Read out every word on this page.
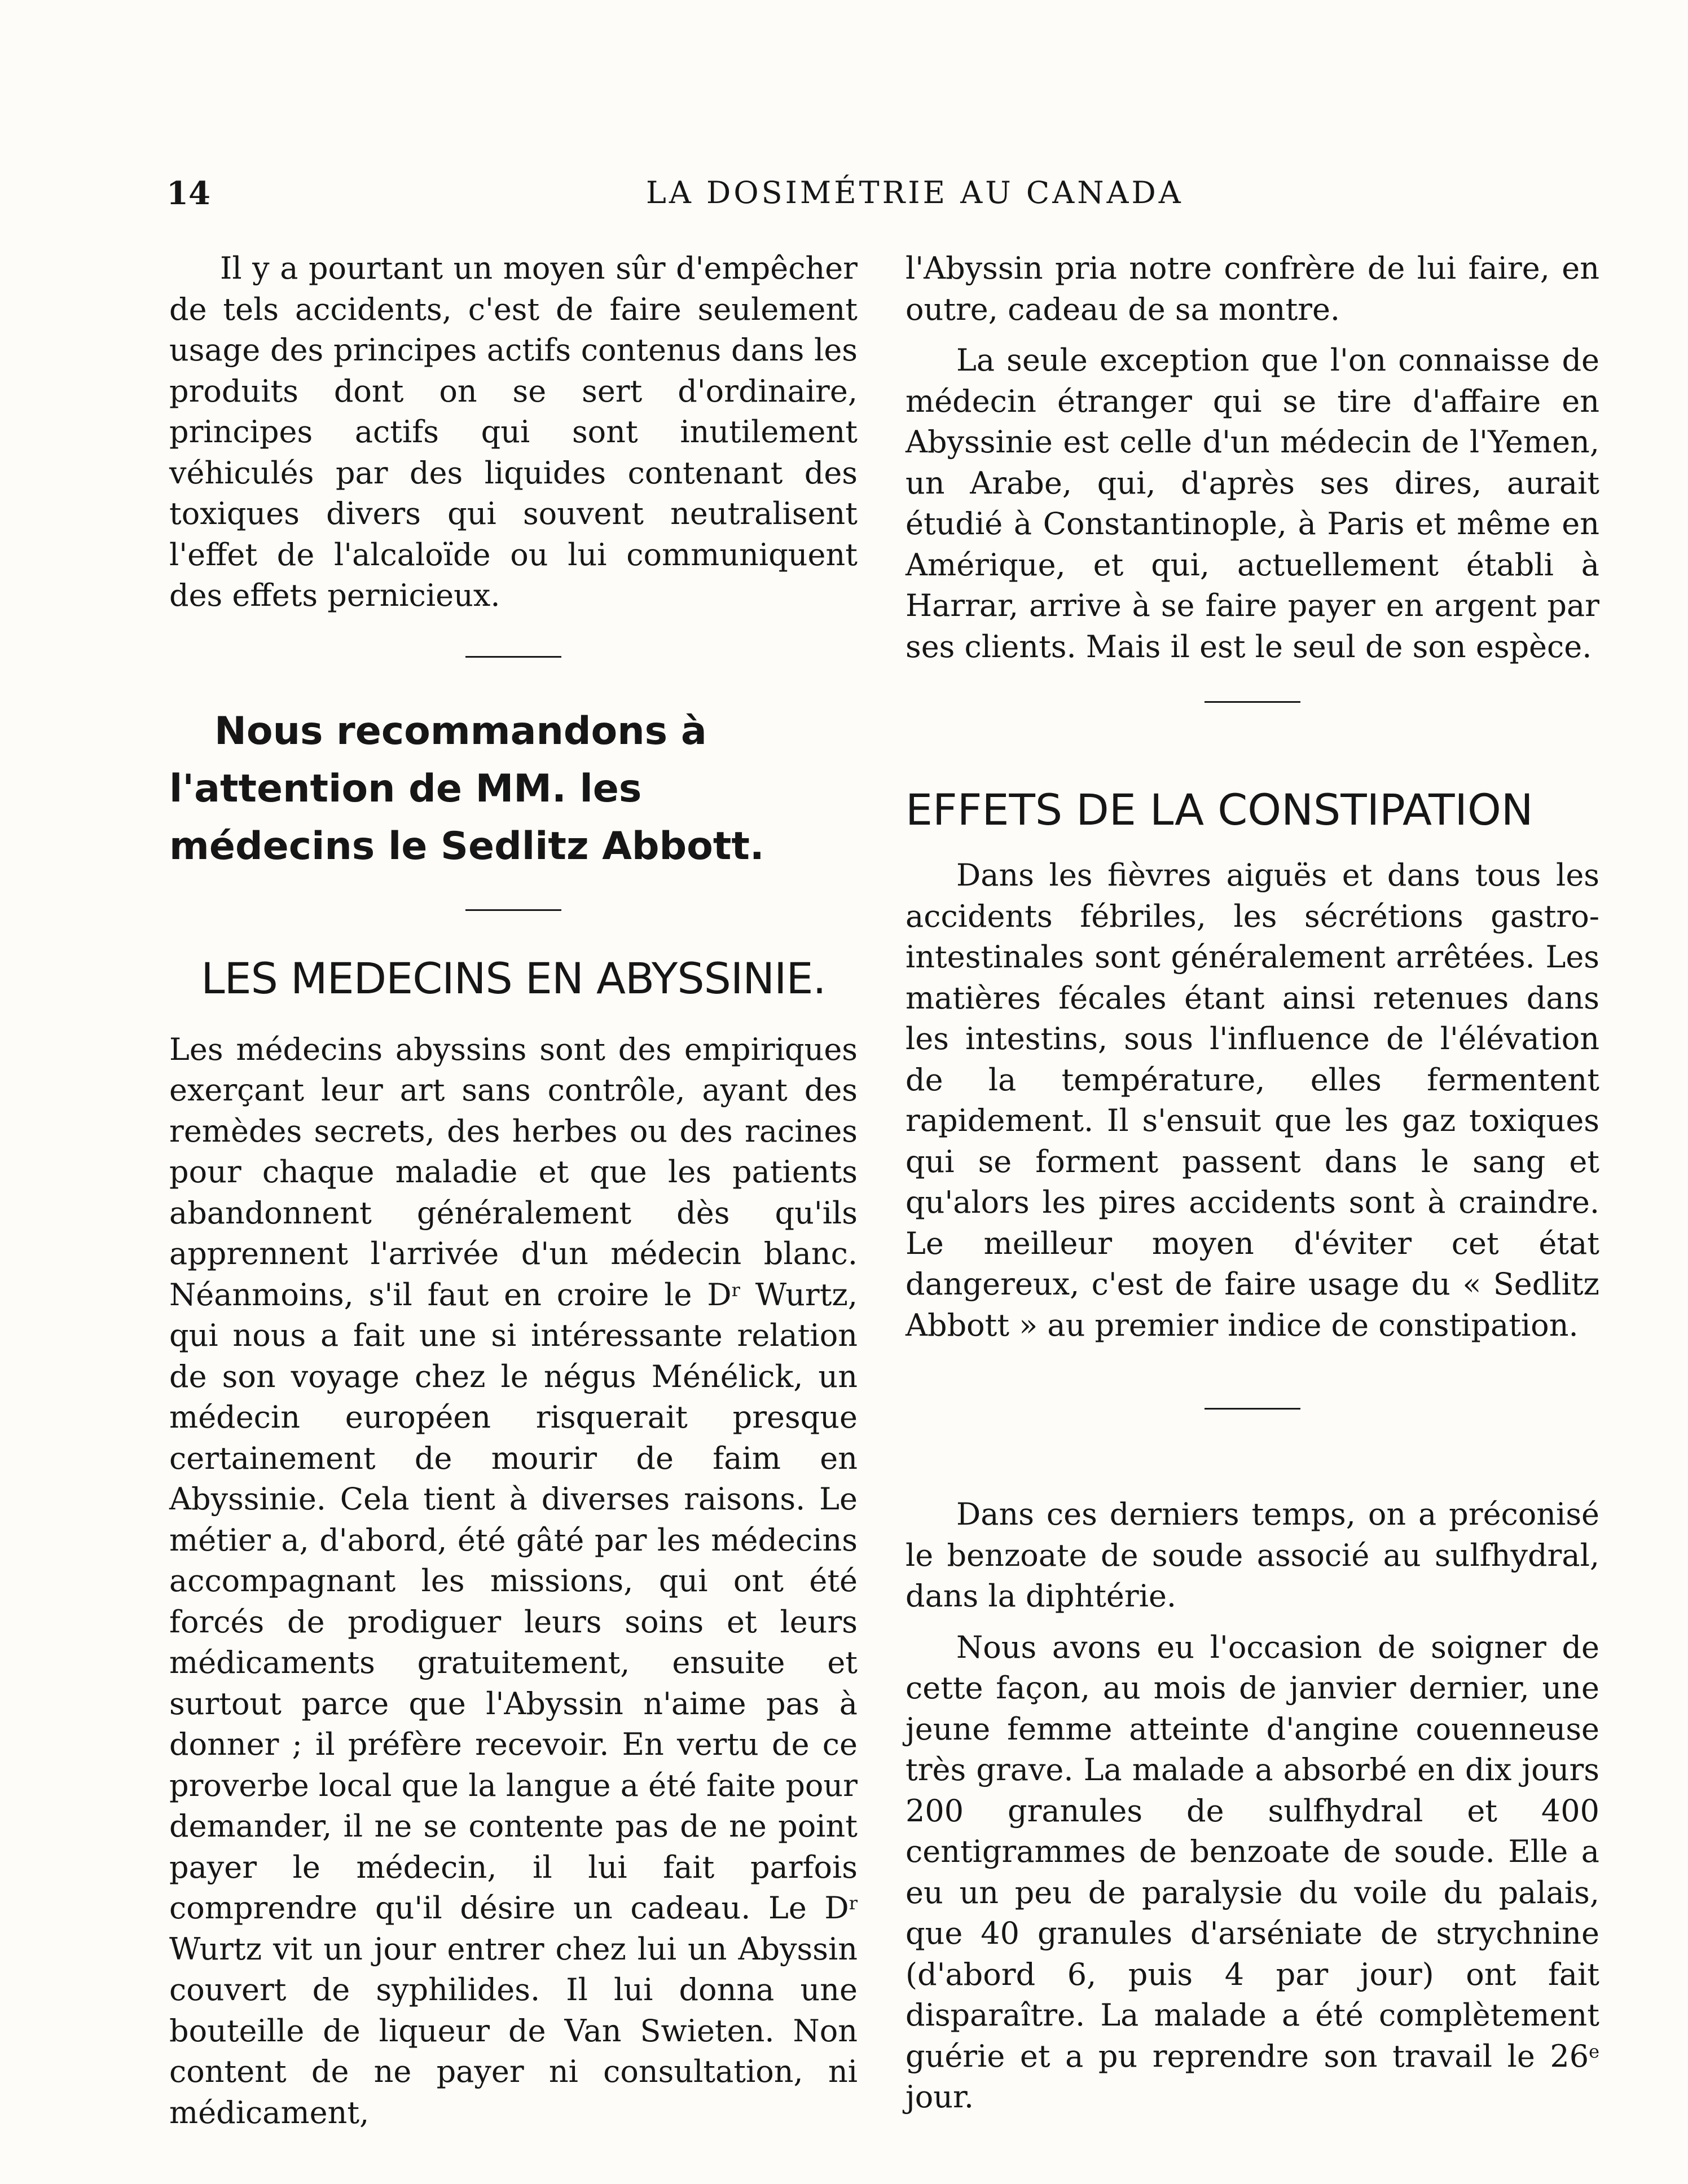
14	LA DOSIMÉTRIE AU CANADA

Il y a pourtant un moyen sûr d'empêcher de tels accidents, c'est de faire seulement usage des principes actifs contenus dans les produits dont on se sert d'ordinaire, principes actifs qui sont inutilement véhiculés par des liquides contenant des toxiques divers qui souvent neutralisent l'effet de l'alcaloïde ou lui communiquent des effets pernicieux.

Nous recommandons à l'attention de MM. les médecins le Sedlitz Abbott.

LES MEDECINS EN ABYSSINIE.

Les médecins abyssins sont des empiriques exerçant leur art sans contrôle, ayant des remèdes secrets, des herbes ou des racines pour chaque maladie et que les patients abandonnent généralement dès qu'ils apprennent l'arrivée d'un médecin blanc. Néanmoins, s'il faut en croire le $D^r$ Wurtz, qui nous a fait une si intéressante relation de son voyage chez le négus Ménélick, un médecin européen risquerait presque certainement de mourir de faim en Abyssinie. Cela tient à diverses raisons. Le métier a, d'abord, été gâté par les médecins accompagnant les missions, qui ont été forcés de prodiguer leurs soins et leurs médicaments gratuitement, ensuite et surtout parce que l'Abyssin n'aime pas à donner ; il préfère recevoir. En vertu de ce proverbe local que la langue a été faite pour demander, il ne se contente pas de ne point payer le médecin, il lui fait parfois comprendre qu'il désire un cadeau. Le $D^r$ Wurtz vit un jour entrer chez lui un Abyssin couvert de syphilides. Il lui donna une bouteille de liqueur de Van Swieten. Non content de ne payer ni consultation, ni médicament,

l'Abyssin pria notre confrère de lui faire, en outre, cadeau de sa montre.

La seule exception que l'on connaisse de médecin étranger qui se tire d'affaire en Abyssinie est celle d'un médecin de l'Yemen, un Arabe, qui, d'après ses dires, aurait étudié à Constantinople, à Paris et même en Amérique, et qui, actuellement établi à Harrar, arrive à se faire payer en argent par ses clients. Mais il est le seul de son espèce.

EFFETS DE LA CONSTIPATION

Dans les fièvres aiguës et dans tous les accidents fébriles, les sécrétions gastro-intestinales sont généralement arrêtées. Les matières fécales étant ainsi retenues dans les intestins, sous l'influence de l'élévation de la température, elles fermentent rapidement. Il s'ensuit que les gaz toxiques qui se forment passent dans le sang et qu'alors les pires accidents sont à craindre. Le meilleur moyen d'éviter cet état dangereux, c'est de faire usage du « Sedlitz Abbott » au premier indice de constipation.

Dans ces derniers temps, on a préconisé le benzoate de soude associé au sulfhydral, dans la diphtérie.

Nous avons eu l'occasion de soigner de cette façon, au mois de janvier dernier, une jeune femme atteinte d'angine couenneuse très grave. La malade a absorbé en dix jours 200 granules de sulfhydral et 400 centigrammes de benzoate de soude. Elle a eu un peu de paralysie du voile du palais, que 40 granules d'arséniate de strychnine (d'abord 6, puis 4 par jour) ont fait disparaître. La malade a été complètement guérie et a pu reprendre son travail le 26e jour.
